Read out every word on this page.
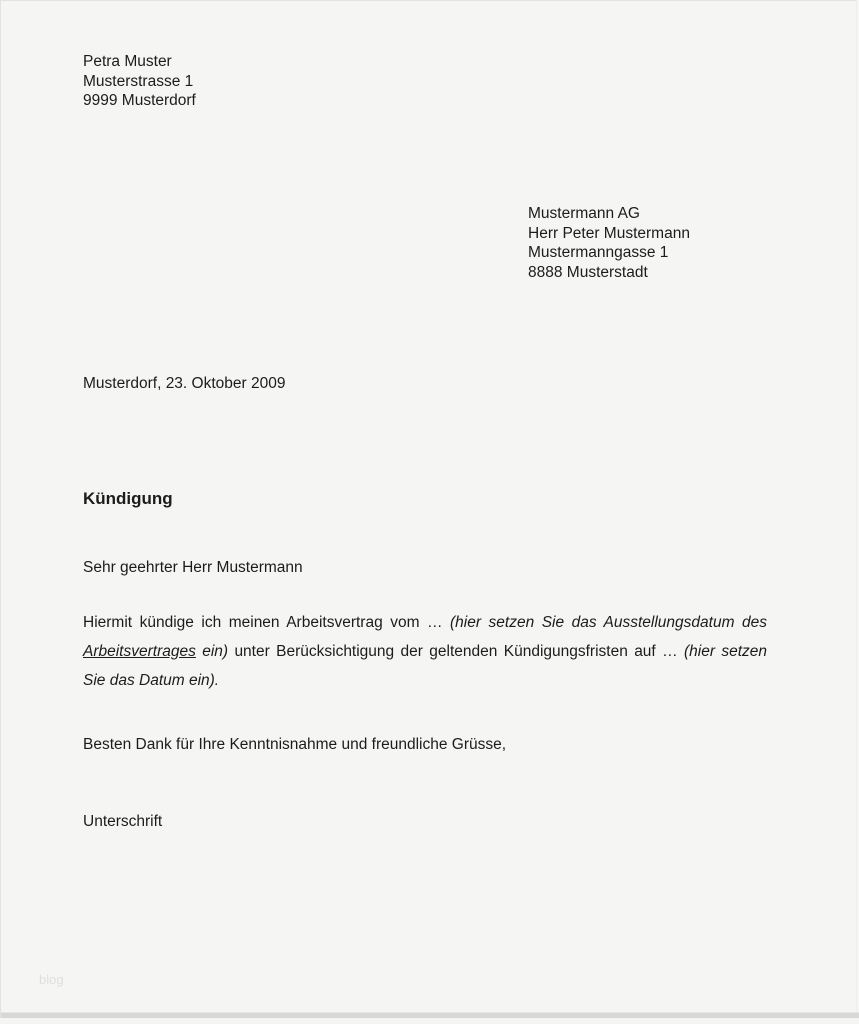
Petra Muster
Musterstrasse 1
9999 Musterdorf
Mustermann AG
Herr Peter Mustermann
Mustermanngasse 1
8888 Musterstadt
Musterdorf, 23. Oktober 2009
Kündigung
Sehr geehrter Herr Mustermann

Hiermit kündige ich meinen Arbeitsvertrag vom … (hier setzen Sie das Ausstellungsdatum des Arbeitsvertrages ein) unter Berücksichtigung der geltenden Kündigungsfristen auf … (hier setzen Sie das Datum ein).

Besten Dank für Ihre Kenntnisnahme und freundliche Grüsse,
Unterschrift
blog
